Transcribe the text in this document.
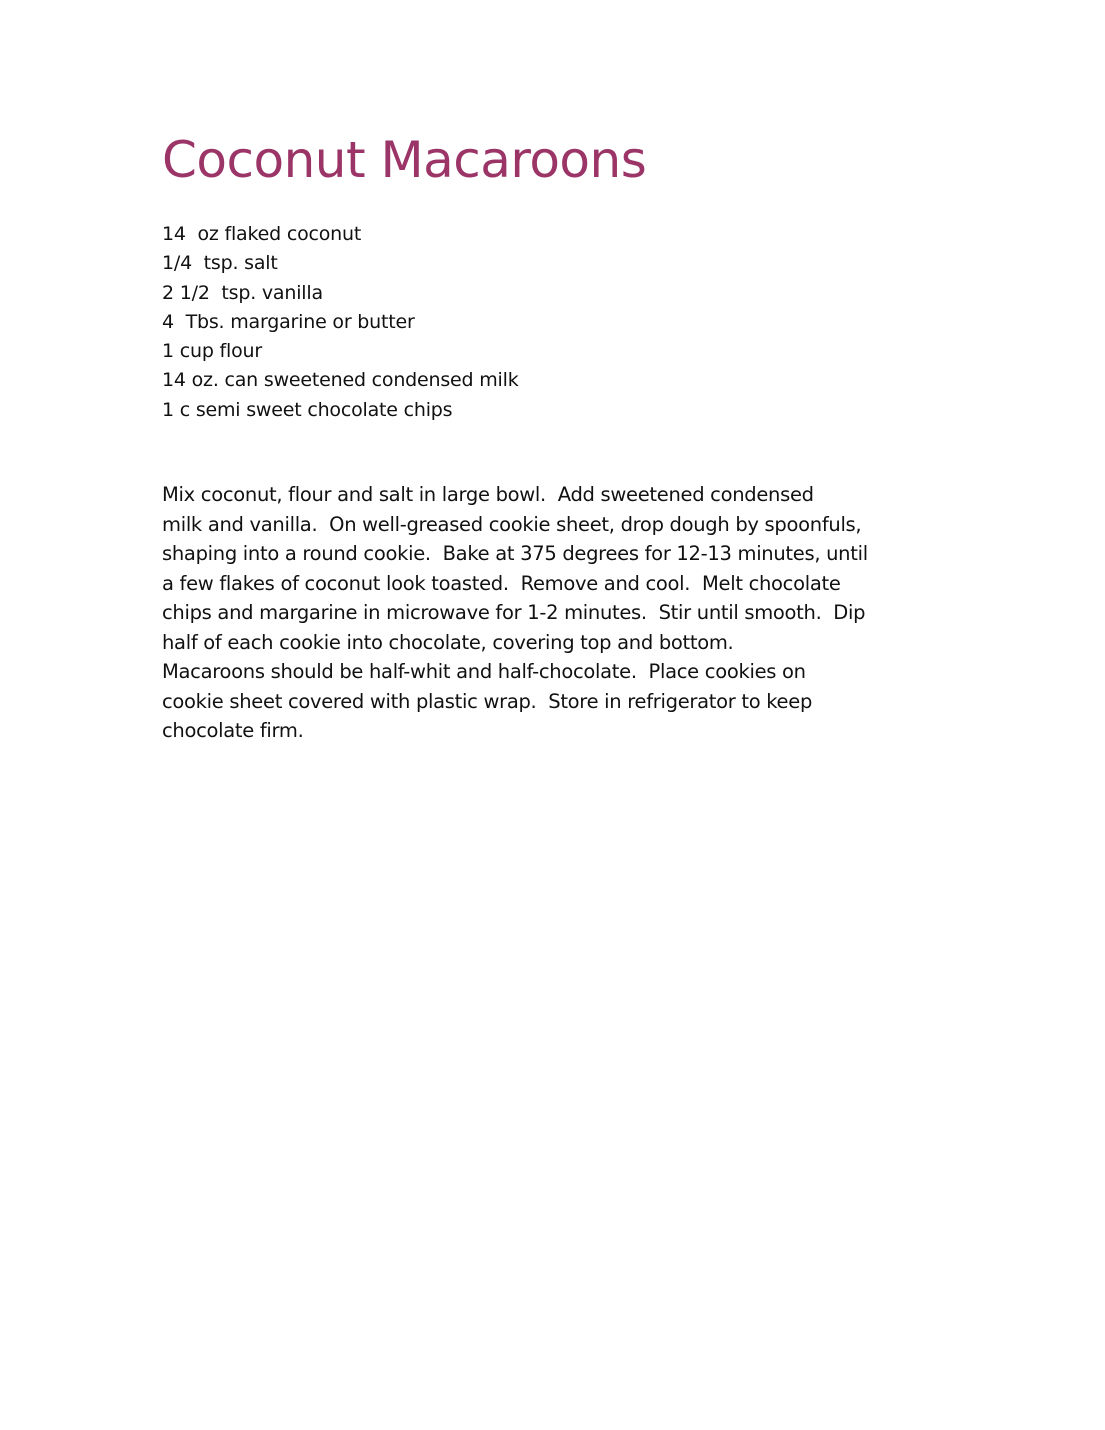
Coconut Macaroons
14  oz flaked coconut
1/4  tsp. salt
2 1/2  tsp. vanilla
4  Tbs. margarine or butter
1 cup flour
14 oz. can sweetened condensed milk
1 c semi sweet chocolate chips

Mix coconut, flour and salt in large bowl.  Add sweetened condensed
milk and vanilla.  On well-greased cookie sheet, drop dough by spoonfuls,
shaping into a round cookie.  Bake at 375 degrees for 12-13 minutes, until
a few flakes of coconut look toasted.  Remove and cool.  Melt chocolate
chips and margarine in microwave for 1-2 minutes.  Stir until smooth.  Dip
half of each cookie into chocolate, covering top and bottom.
Macaroons should be half-whit and half-chocolate.  Place cookies on
cookie sheet covered with plastic wrap.  Store in refrigerator to keep
chocolate firm.
